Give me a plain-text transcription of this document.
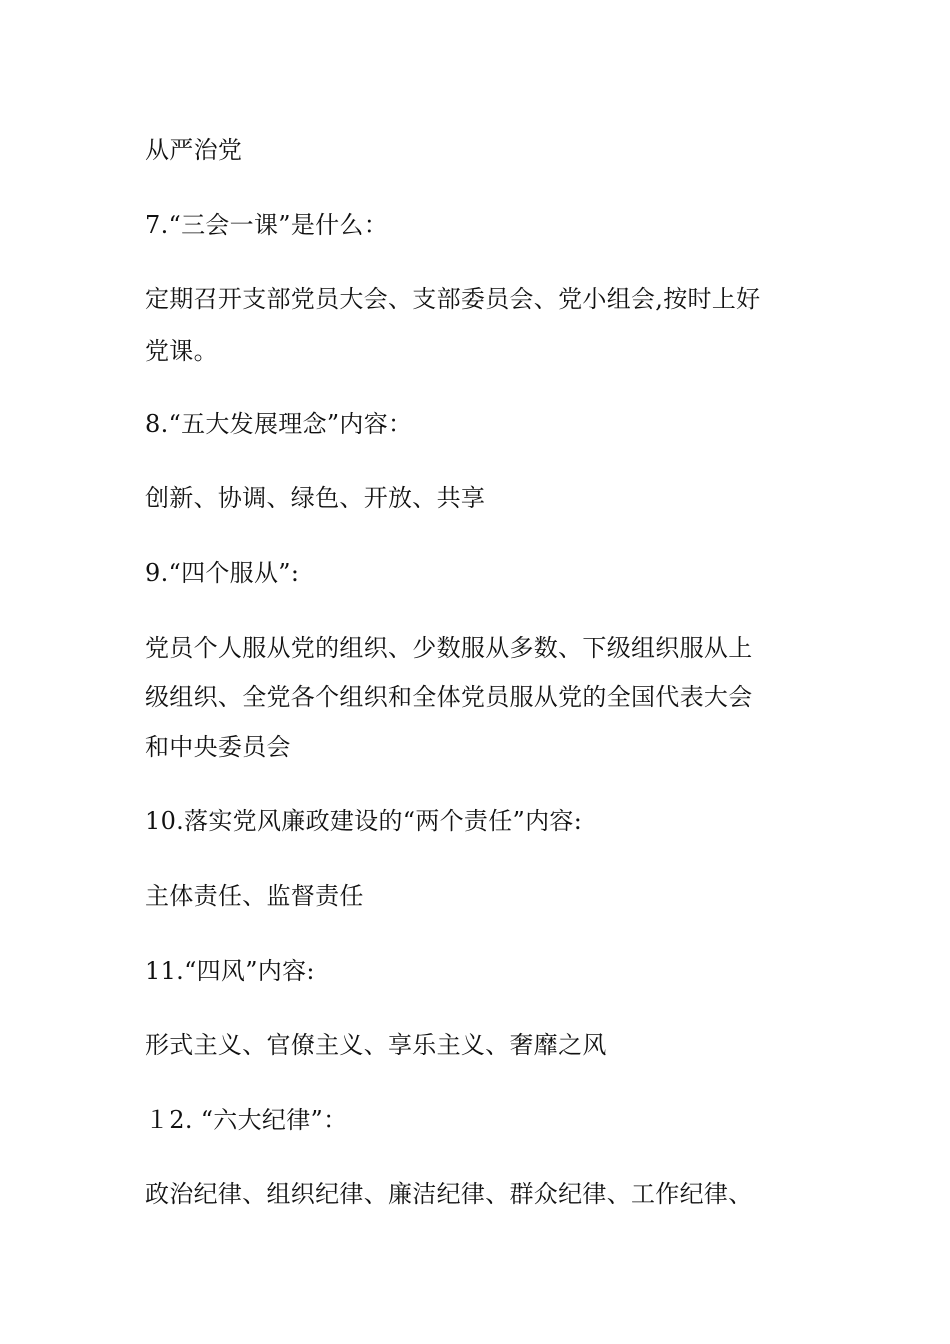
从严治党

7.“三会一课”是什么：

定期召开支部党员大会、支部委员会、党小组会,按时上好

党课。

8.“五大发展理念”内容：

创新、协调、绿色、开放、共享

9.“四个服从”:

党员个人服从党的组织、少数服从多数、下级组织服从上

级组织、全党各个组织和全体党员服从党的全国代表大会

和中央委员会

10.落实党风廉政建设的“两个责任”内容:

主体责任、监督责任

11.“四风”内容:

形式主义、官僚主义、享乐主义、奢靡之风

１2. “六大纪律”：

政治纪律、组织纪律、廉洁纪律、群众纪律、工作纪律、
